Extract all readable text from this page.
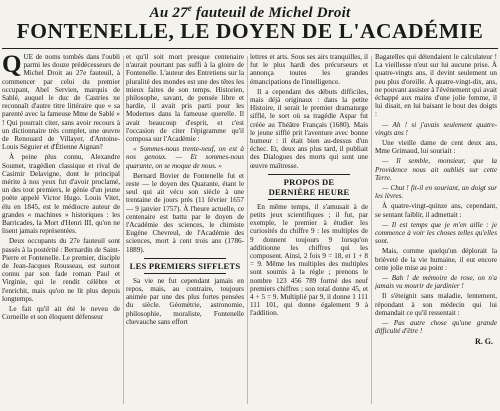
Au 27e fauteuil de Michel Droit
FONTENELLE, LE DOYEN DE L'ACADÉMIE

QUE de noms tombés dans l'oubli parmi les douze prédécesseurs de Michel Droit au 27e fauteuil, à commencer par celui du premier occupant, Abel Servien, marquis de Sablé, auquel le duc de Castries ne reconnaît d'autre titre littéraire que « sa parenté avec la fameuse Mme de Sablé » ! Qui pourrait citer, sans avoir recours à un dictionnaire très complet, une œuvre de Renouard de Villayer, d'Antoine-Louis Séguier et d'Étienne Aignan?

À peine plus connu, Alexandre Soumet, tragédien classique et rival de Casimir Delavigne, dont le principal mérite à nos yeux fut d'avoir proclamé, un des tout premiers, le génie d'un jeune poète appelé Victor Hugo. Louis Vitet, élu en 1845, est le médiocre auteur de grandes « machines » historiques : les Barricades, la Mort d'Henri III, qu'on ne lisent jamais représentées.

Deux occupants du 27e fauteuil sont passés à la postérité : Bernardin de Saint-Pierre et Fontenelle. Le premier, disciple de Jean-Jacques Rousseau, est surtout connu par son fade roman Paul et Virginie, qui le rendit célèbre et l'enrichit, mais qu'on ne lit plus depuis longtemps.

Le fait qu'il ait été le neveu de Corneille et son éloquent défenseur

et qu'il soit mort presque centenaire n'aurait pourtant pas suffi à la gloire de Fontenelle. L'auteur des Entretiens sur la pluralité des mondes est une des têtes les mieux faites de son temps. Historien, philosophe, savant, de pensée libre et hardie, il avait pris parti pour les Modernes dans la fameuse querelle. Il avait beaucoup d'esprit, et c'est l'occasion de citer l'épigramme qu'il composa sur l'Académie :

« Sommes-nous trente-neuf, on est à nos genoux. — Et sommes-nous quarante, on se moque de nous. »

Bernard Bovier de Fontenelle fut et reste — le doyen des Quarante, étant le seul qui ait vécu son siècle à une trentaine de jours près (11 février 1657 — 9 janvier 1757). À l'heure actuelle, ce centenaire est battu par le doyen de l'Académie des sciences, le chimiste Eugène Chevreul, de l'Académie des sciences, mort à cent trois ans (1786-1889).

LES PREMIERS SIFFLETS

Sa vie ne fut cependant jamais en repos, mais, au contraire, toujours animée par une des plus fortes pensées du siècle. Géométrie, astronomie, philosophie, moraliste, Fontenelle chevauche sans effort

lettres et arts. Sous ses airs tranquilles, il fut le plus hardi des précurseurs et annonça toutes les grandes émancipations de l'intelligence.

Il a cependant des débuts difficiles, mais déjà originaux : dans la petite Histoire, il serait le premier dramaturge sifflé, le sort où sa tragédie Aspar fut créée au Théâtre Français (1680). Mais le jeune sifflé prit l'aventure avec bonne humeur : il était bien au-dessus d'un échec. Et, deux ans plus tard, il publiait des Dialogues des morts qui sont une œuvre maîtresse.

PROPOS DE
DERNIÈRE HEURE

En même temps, il s'amusait à de petits jeux scientifiques ; il fut, par exemple, le premier à étudier les curiosités du chiffre 9 : les multiples de 9 donnent toujours 9 lorsqu'on additionne les chiffres qui les composent. Ainsi, 2 fois 9 = 18, et 1 + 8 = 9. Même les multiples des multiples sont soumis à la règle ; prenons le nombre 123 456 789 formé des neuf premiers chiffres ; son total donne 45, et 4 + 5 = 9. Multiplié par 9, il donne 1 111 111 101, qui donne également 9 à l'addition.

Bagatelles qui détendaient le calculateur ! La vieillesse n'eut sur lui aucune prise. À quatre-vingts ans, il devint seulement un peu plus d'oreille. À quatre-vingt-dix, ans, ne pouvant assister à l'événement qui avait échappé aux mains d'une jolie femme, il lui disait, en lui baisant le bout des doigts :

— Ah ! si j'avais seulement quatre-vingts ans !

Une vieille dame de cent deux ans, Mme Grimaud, lui souriait :

— Il semble, monsieur, que la Providence nous ait oubliés sur cette Terre.

— Chut ! fit-il en souriant, un doigt sur les lèvres.

À quatre-vingt-quinze ans, cependant, se sentant faiblir, il admettait :

— Il est temps que je m'en aille : je commence à voir les choses telles qu'elles sont.

Mais, comme quelqu'un déplorait la brièveté de la vie humaine, il eut encore cette jolie mise au point :

— Bah ! de mémoire de rose, on n'a jamais vu mourir de jardinier !

Il s'éteignit sans maladie, lentement, répondant à son médecin qui lui demandait ce qu'il ressentait :

— Pas autre chose qu'une grande difficulté d'être !

R. G.
